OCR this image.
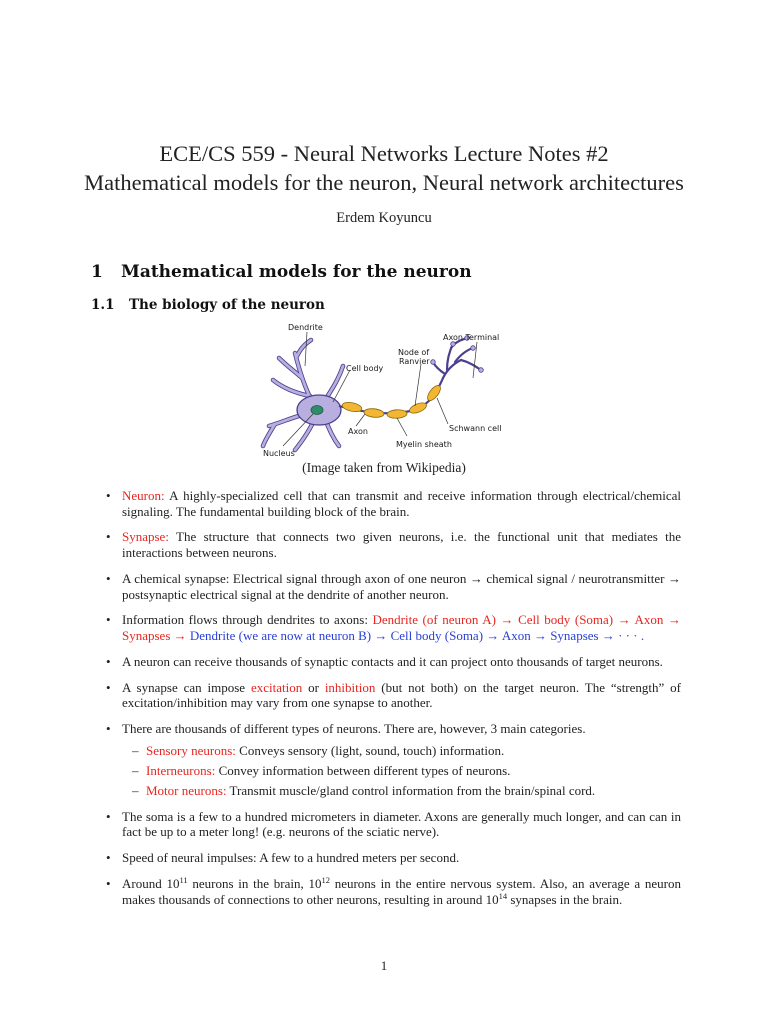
ECE/CS 559 - Neural Networks Lecture Notes #2
Mathematical models for the neuron, Neural network architectures
Erdem Koyuncu
1 Mathematical models for the neuron
1.1 The biology of the neuron
Dendrite
Axon Terminal
Node of
Ranvier
Cell body
Schwann cell
Axon
Myelin sheath
Nucleus
(Image taken from Wikipedia)
• Neuron: A highly-specialized cell that can transmit and receive information through electrical/chemical signaling. The fundamental building block of the brain.
• Synapse: The structure that connects two given neurons, i.e. the functional unit that mediates the interactions between neurons.
• A chemical synapse: Electrical signal through axon of one neuron → chemical signal / neurotransmitter → postsynaptic electrical signal at the dendrite of another neuron.
• Information flows through dendrites to axons: Dendrite (of neuron A) → Cell body (Soma) → Axon → Synapses → Dendrite (we are now at neuron B) → Cell body (Soma) → Axon → Synapses → · · · .
• A neuron can receive thousands of synaptic contacts and it can project onto thousands of target neurons.
• A synapse can impose excitation or inhibition (but not both) on the target neuron. The “strength” of excitation/inhibition may vary from one synapse to another.
• There are thousands of different types of neurons. There are, however, 3 main categories.
– Sensory neurons: Conveys sensory (light, sound, touch) information.
– Interneurons: Convey information between different types of neurons.
– Motor neurons: Transmit muscle/gland control information from the brain/spinal cord.
• The soma is a few to a hundred micrometers in diameter. Axons are generally much longer, and can can in fact be up to a meter long! (e.g. neurons of the sciatic nerve).
• Speed of neural impulses: A few to a hundred meters per second.
• Around $10^{11}$ neurons in the brain, $10^{12}$ neurons in the entire nervous system. Also, an average a neuron makes thousands of connections to other neurons, resulting in around $10^{14}$ synapses in the brain.
1
